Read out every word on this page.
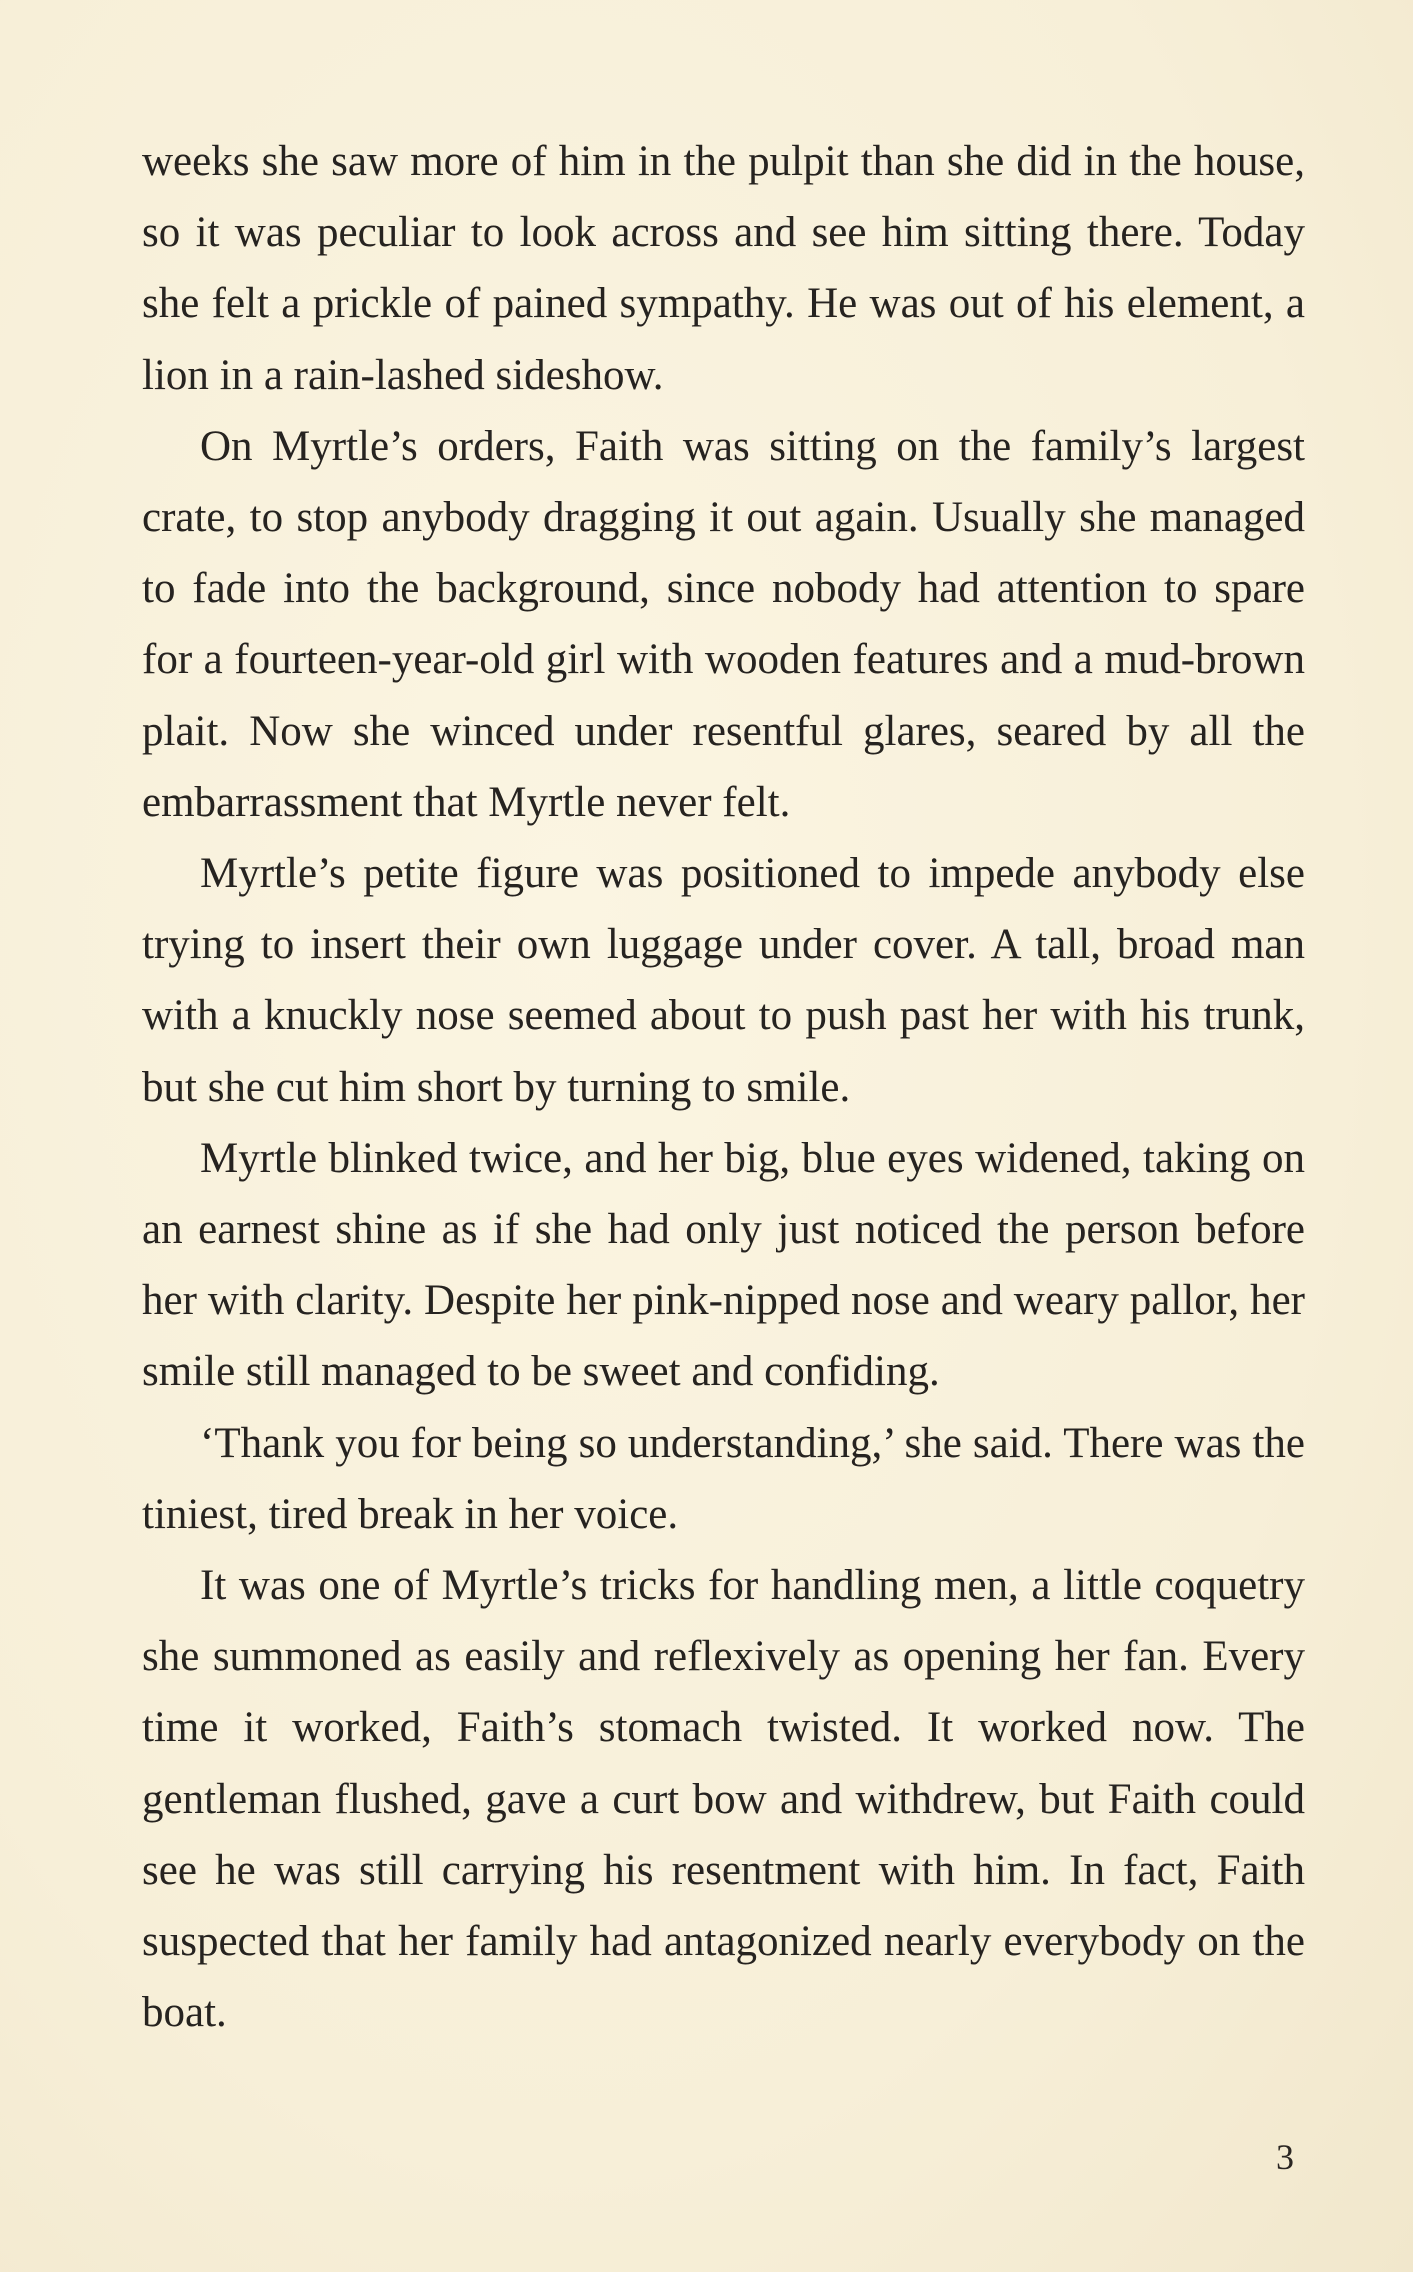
weeks she saw more of him in the pulpit than she did in the house, so it was peculiar to look across and see him sitting there. Today she felt a prickle of pained sympathy. He was out of his element, a lion in a rain-lashed sideshow.

On Myrtle’s orders, Faith was sitting on the family’s largest crate, to stop anybody dragging it out again. Usually she managed to fade into the background, since nobody had attention to spare for a fourteen-year-old girl with wooden features and a mud-brown plait. Now she winced under resentful glares, seared by all the embarrassment that Myrtle never felt.

Myrtle’s petite figure was positioned to impede anybody else trying to insert their own luggage under cover. A tall, broad man with a knuckly nose seemed about to push past her with his trunk, but she cut him short by turning to smile.

Myrtle blinked twice, and her big, blue eyes widened, taking on an earnest shine as if she had only just noticed the person before her with clarity. Despite her pink-nipped nose and weary pallor, her smile still managed to be sweet and confiding.

‘Thank you for being so understanding,’ she said. There was the tiniest, tired break in her voice.

It was one of Myrtle’s tricks for handling men, a little coquetry she summoned as easily and reflexively as opening her fan. Every time it worked, Faith’s stomach twisted. It worked now. The gentleman flushed, gave a curt bow and withdrew, but Faith could see he was still carrying his resentment with him. In fact, Faith suspected that her family had antagonized nearly everybody on the boat.

3
